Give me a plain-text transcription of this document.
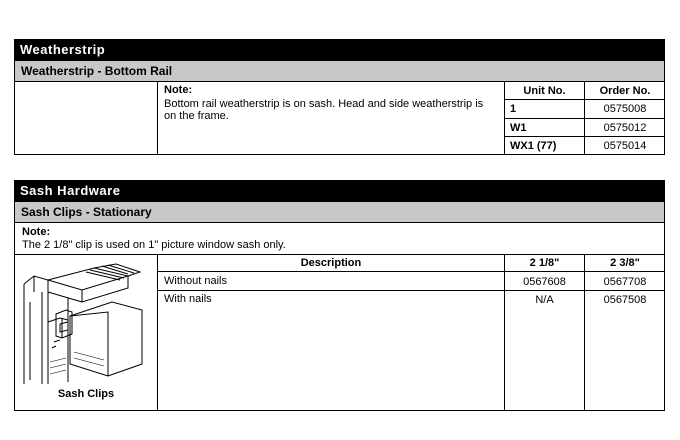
Weatherstrip
Weatherstrip - Bottom Rail
Note:
Bottom rail weatherstrip is on sash. Head and side weatherstrip is
on the frame.
Unit No.	Order No.
1	0575008
W1	0575012
WX1 (77)	0575014
Sash Hardware
Sash Clips - Stationary
Note:
The 2 1/8" clip is used on 1" picture window sash only.
Description	2 1/8"	2 3/8"
Without nails	0567608	0567708
With nails	N/A	0567508
Sash Clips
